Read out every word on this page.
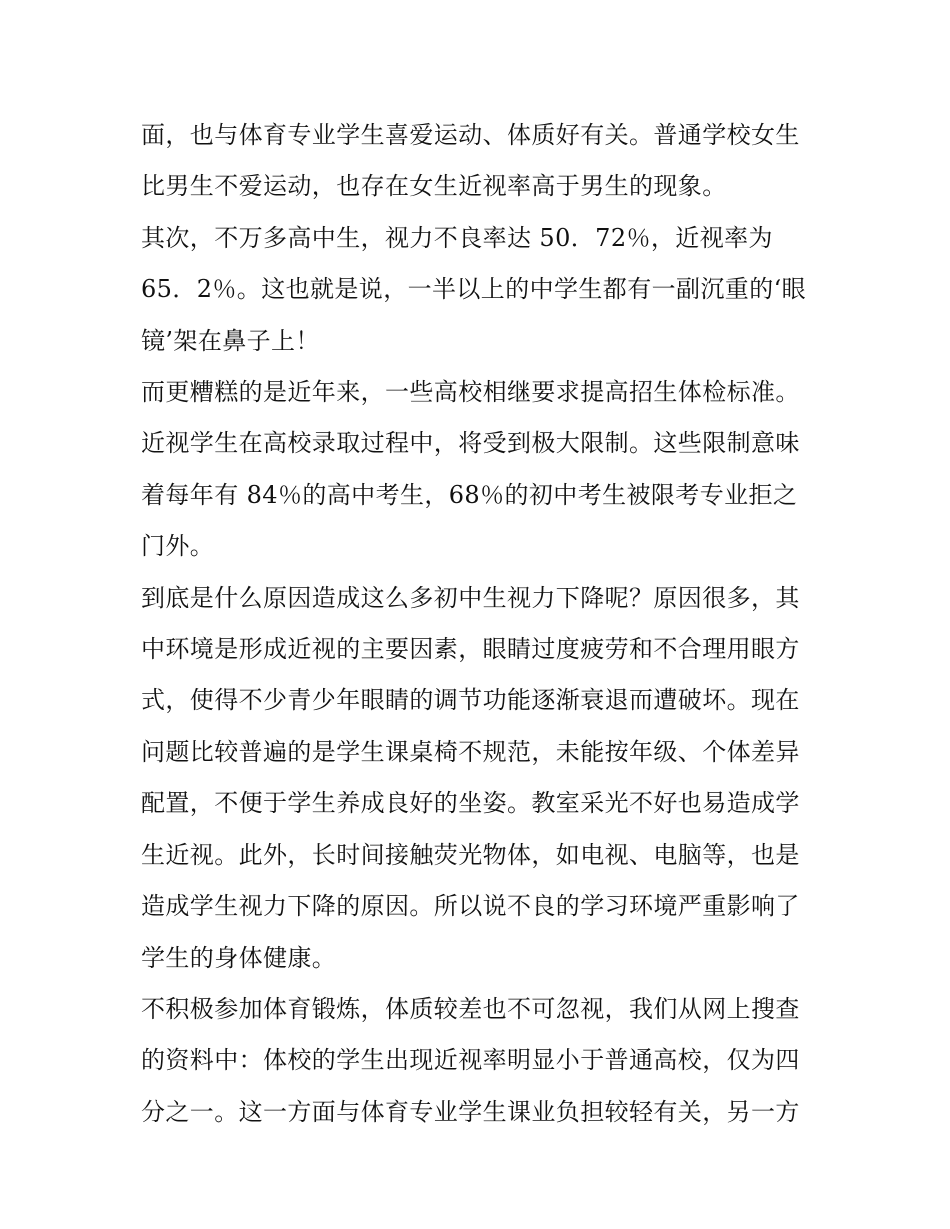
面，也与体育专业学生喜爱运动、体质好有关。普通学校女生
比男生不爱运动，也存在女生近视率高于男生的现象。

其次，不万多高中生，视力不良率达 50．72％，近视率为
65．2％。这也就是说，一半以上的中学生都有一副沉重的‘眼
镜’架在鼻子上！

而更糟糕的是近年来，一些高校相继要求提高招生体检标准。
近视学生在高校录取过程中，将受到极大限制。这些限制意味
着每年有 84％的高中考生，68％的初中考生被限考专业拒之
门外。

到底是什么原因造成这么多初中生视力下降呢？原因很多，其
中环境是形成近视的主要因素，眼睛过度疲劳和不合理用眼方
式，使得不少青少年眼睛的调节功能逐渐衰退而遭破坏。现在
问题比较普遍的是学生课桌椅不规范，未能按年级、个体差异
配置，不便于学生养成良好的坐姿。教室采光不好也易造成学
生近视。此外，长时间接触荧光物体，如电视、电脑等，也是
造成学生视力下降的原因。所以说不良的学习环境严重影响了
学生的身体健康。

不积极参加体育锻炼，体质较差也不可忽视，我们从网上搜查
的资料中：体校的学生出现近视率明显小于普通高校，仅为四
分之一。这一方面与体育专业学生课业负担较轻有关，另一方
